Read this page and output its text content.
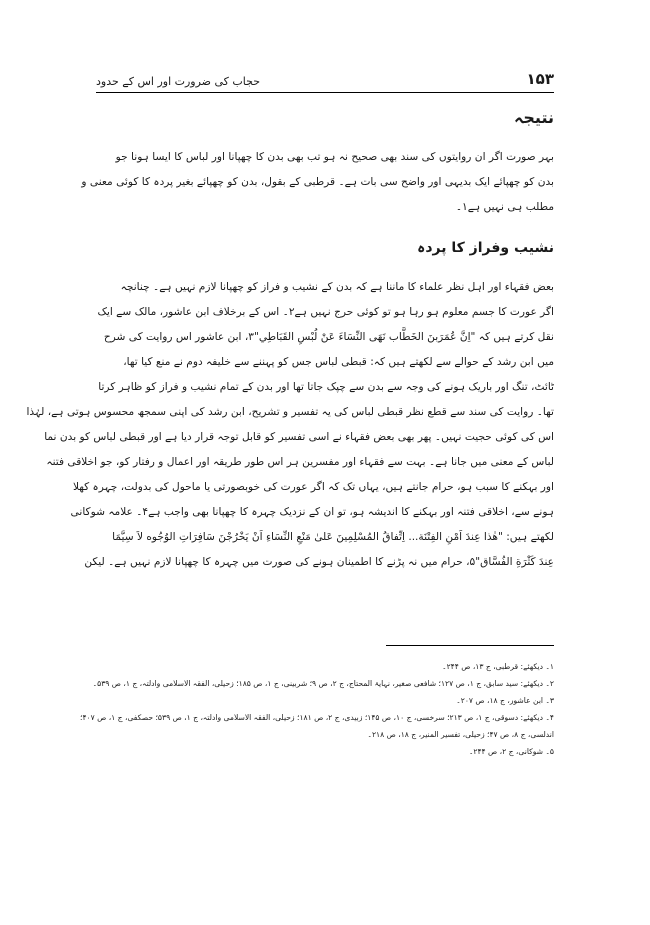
۱۵۳
حجاب کی ضرورت اور اس کے حدود
نتیجہ
بہر صورت اگر ان روایتوں کی سند بھی صحیح نہ ہو تب بھی بدن کا چھپانا اور لباس کا ایسا ہونا جو
بدن کو چھپائے ایک بدیہی اور واضح سی بات ہے۔ قرطبی کے بقول، بدن کو چھپائے بغیر پردہ کا کوئی معنی و
مطلب ہی نہیں ہے۱۔
نشیب وفراز کا پردہ
بعض فقہاء اور اہل نظر علماء کا ماننا ہے کہ بدن کے نشیب و فراز کو چھپانا لازم نہیں ہے۔ چنانچہ
اگر عورت کا جسم معلوم ہو رہا ہو تو کوئی حرج نہیں ہے۲۔ اس کے برخلاف ابن عاشور، مالک سے ایک
نقل کرتے ہیں کہ "اِنَّ عُمَرَبنَ الخَطَّاب نَهَى النِّسَاءَ عَنْ لُبْسِ القَبَاطِي"۳، ابن عاشور اس روایت کی شرح
میں ابن رشد کے حوالے سے لکھتے ہیں کہ: قبطی لباس جس کو پہننے سے خلیفہ دوم نے منع کیا تھا،
ٹائٹ، تنگ اور باریک ہونے کی وجہ سے بدن سے چپک جاتا تھا اور بدن کے تمام نشیب و فراز کو ظاہر کرتا
تھا۔ روایت کی سند سے قطع نظر قبطی لباس کی یہ تفسیر و تشریح، ابن رشد کی اپنی سمجھ محسوس ہوتی ہے، لہٰذا
اس کی کوئی حجیت نہیں۔ پھر بھی بعض فقہاء نے اسی تفسیر کو قابل توجہ قرار دیا ہے اور قبطی لباس کو بدن نما
لباس کے معنی میں جانا ہے۔ بہت سے فقہاء اور مفسرین ہر اس طور طریقہ اور اعمال و رفتار کو، جو اخلاقی فتنہ
اور بہکنے کا سبب ہو، حرام جانتے ہیں، یہاں تک کہ اگر عورت کی خوبصورتی یا ماحول کی بدولت، چہرہ کھلا
ہونے سے، اخلاقی فتنہ اور بہکنے کا اندیشہ ہو، تو ان کے نزدیک چہرہ کا چھپانا بھی واجب ہے۴۔ علامہ شوکانی
لکھتے ہیں: "هٰذا عِندَ اَمْنِ الفِتْنَة... اِتِّفاقُ المُسْلِمِينَ عَلىٰ مَنْعِ النِّسَاءِ اَنْ يَخْرُجْنَ سَافِرَاتِ الوُجُوه لاَ سِيَّمَا
عِندَ كَثْرَةِ الفُسَّاق"۵، حرام میں نہ پڑنے کا اطمینان ہونے کی صورت میں چہرہ کا چھپانا لازم نہیں ہے۔ لیکن
۱۔ دیکھئے: قرطبی، ج ۱۳، ص ۲۴۴۔
۲۔ دیکھئے: سید سابق، ج ۱، ص ۱۲۷؛ شافعی صغیر، نہایۃ المحتاج، ج ۲، ص ۹؛ شربینی، ج ۱، ص ۱۸۵؛ زحیلی، الفقہ الاسلامی وادلتہ، ج ۱، ص ۵۳۹۔
۳۔ ابن عاشور، ج ۱۸، ص ۲۰۷۔
۴۔ دیکھئے: دسوقی، ج ۱، ص ۲۱۳؛ سرخسی، ج ۱۰، ص ۱۴۵؛ زبیدی، ج ۲، ص ۱۸۱؛ زحیلی، الفقہ الاسلامی وادلتہ، ج ۱، ص ۵۳۹؛ حصکفی، ج ۱، ص ۴۰۷؛
اندلسی، ج ۸، ص ۴۷؛ زحیلی، تفسیر المنیر، ج ۱۸، ص ۲۱۸۔
۵۔ شوکانی، ج ۲، ص ۲۴۴۔
